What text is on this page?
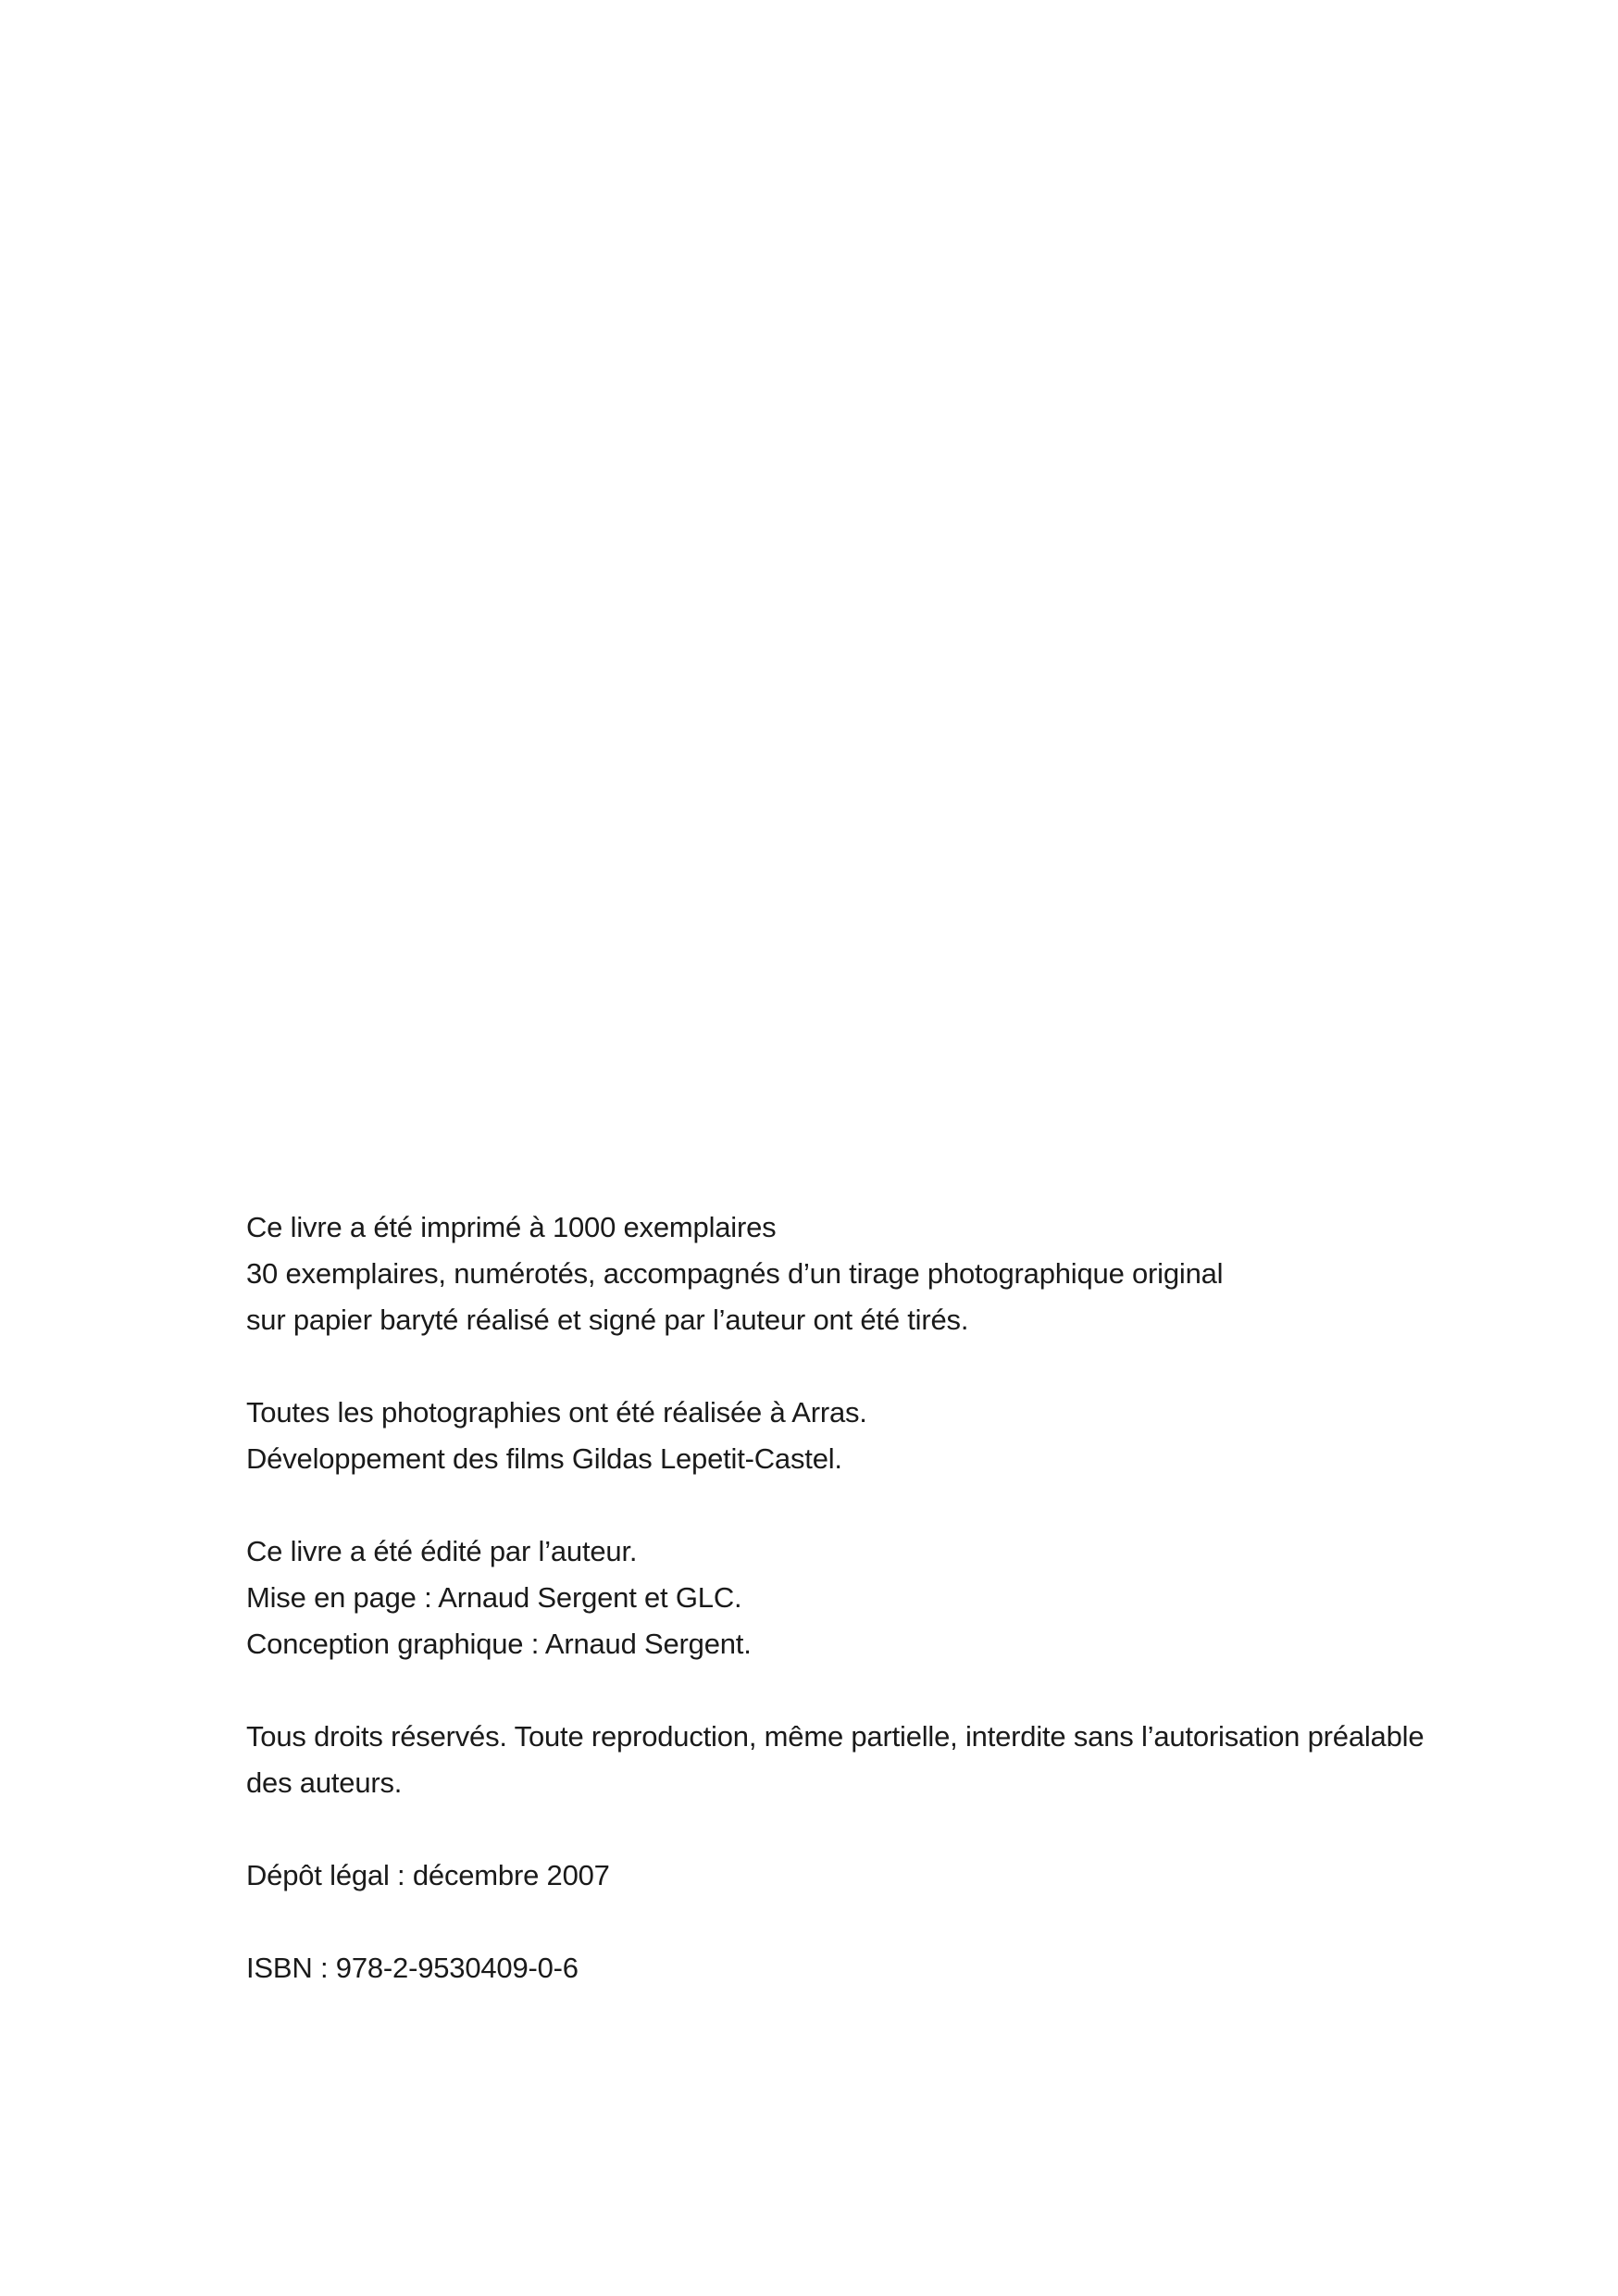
Ce livre a été imprimé à 1000 exemplaires
30 exemplaires, numérotés, accompagnés d’un tirage photographique original
sur papier baryté réalisé et signé par l’auteur ont été tirés.
Toutes les photographies ont été réalisée à Arras.
Développement des films Gildas Lepetit-Castel.
Ce livre a été édité par l’auteur.
Mise en page : Arnaud Sergent et GLC.
Conception graphique : Arnaud Sergent.
Tous droits réservés. Toute reproduction, même partielle, interdite sans l’autorisation préalable
des auteurs.
Dépôt légal : décembre 2007
ISBN : 978-2-9530409-0-6
